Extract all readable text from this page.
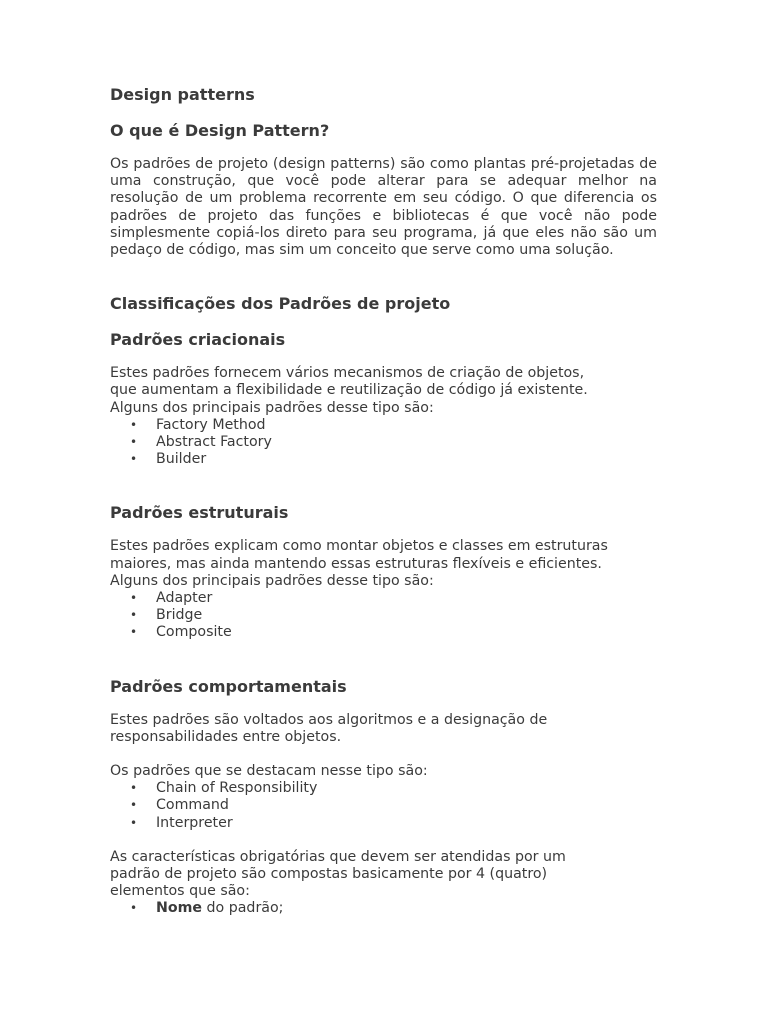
Design patterns
O que é Design Pattern?

Os padrões de projeto (design patterns) são como plantas pré-projetadas de uma construção, que você pode alterar para se adequar melhor na resolução de um problema recorrente em seu código. O que diferencia os padrões de projeto das funções e bibliotecas é que você não pode simplesmente copiá-los direto para seu programa, já que eles não são um pedaço de código, mas sim um conceito que serve como uma solução.

Classificações dos Padrões de projeto
Padrões criacionais

Estes padrões fornecem vários mecanismos de criação de objetos,

que aumentam a flexibilidade e reutilização de código já existente.

Alguns dos principais padrões desse tipo são:

• Factory Method
• Abstract Factory
• Builder
Padrões estruturais

Estes padrões explicam como montar objetos e classes em estruturas

maiores, mas ainda mantendo essas estruturas flexíveis e eficientes.

Alguns dos principais padrões desse tipo são:

• Adapter
• Bridge
• Composite
Padrões comportamentais

Estes padrões são voltados aos algoritmos e a designação de

responsabilidades entre objetos.

Os padrões que se destacam nesse tipo são:

• Chain of Responsibility
• Command
• Interpreter

As características obrigatórias que devem ser atendidas por um

padrão de projeto são compostas basicamente por 4 (quatro)

elementos que são:

• Nome do padrão;
